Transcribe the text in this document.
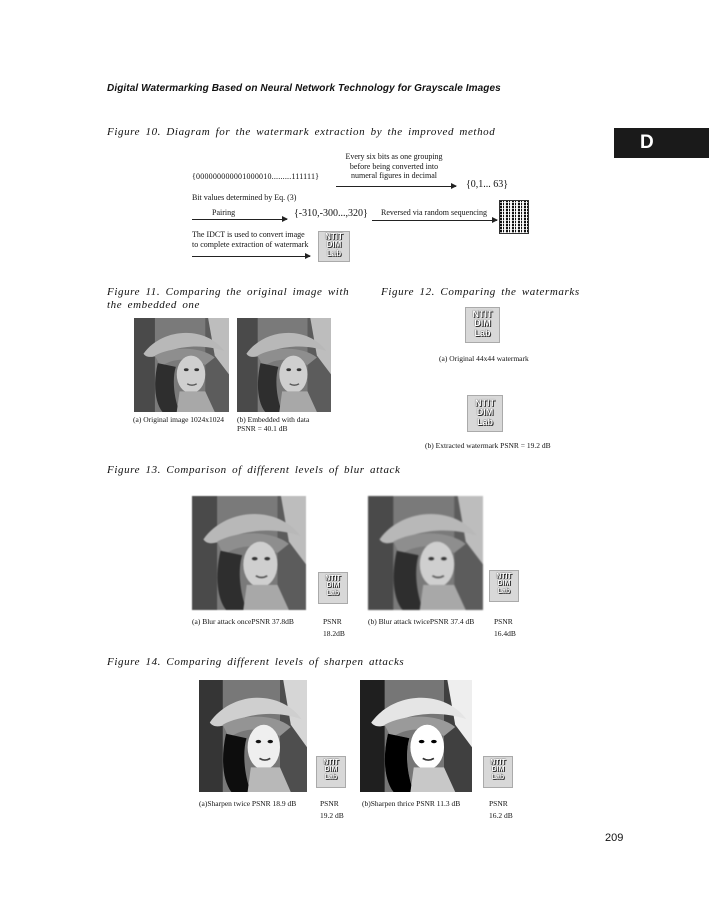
Digital Watermarking Based on Neural Network Technology for Grayscale Images
D
Figure 10. Diagram for the watermark extraction by the improved method
Every six bits as one grouping
before being converted into
numeral figures in decimal
{000000000001000010.........111111}
{0,1... 63}
Bit values determined by Eq. (3)
Pairing	{-310,-300...,320} Reversed via random sequencing
The IDCT is used to convert image
to complete extraction of watermark
NTIT
DIM
Lab
Figure 11. Comparing the original image with
the embedded one
(a) Original image 1024x1024 (b) Embedded with data
PSNR = 40.1 dB
Figure 12. Comparing the watermarks
NTIT
DIM
Lab
(a) Original 44x44 watermark
NTIT
DIM
Lab
(b) Extracted watermark PSNR = 19.2 dB
Figure 13. Comparison of different levels of blur attack
NTIT
DIM
Lab
NTIT
DIM
Lab
(a) Blur attack oncePSNR 37.8dB	PSNR
18.2dB
(b) Blur attack twicePSNR 37.4 dB	PSNR
16.4dB
Figure 14. Comparing different levels of sharpen attacks
NTIT
DIM
Lab
NTIT
DIM
Lab
(a)Sharpen twice PSNR 18.9 dB	PSNR
19.2 dB
(b)Sharpen thrice PSNR 11.3 dB	PSNR
16.2 dB
209
